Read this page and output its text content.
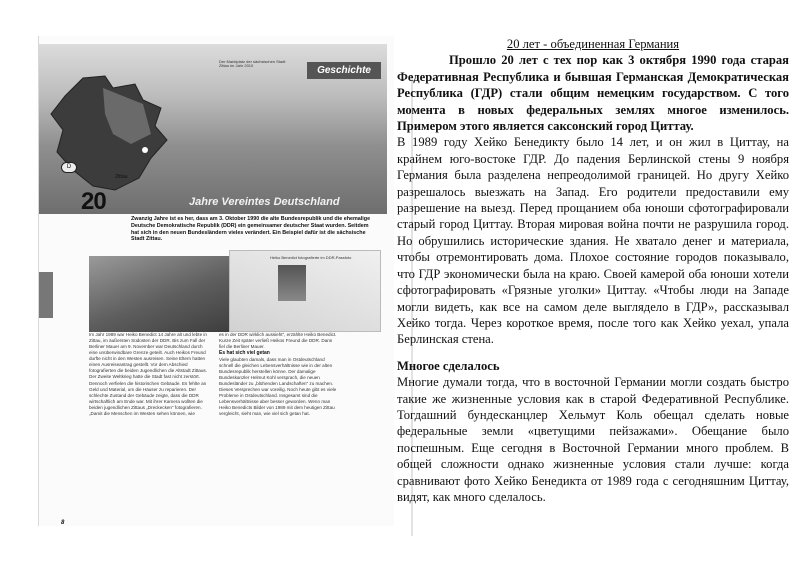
Der Marktplatz der sächsischen Stadt Zittau im Jahr 2010	Geschichte
Zittau
D
20	Jahre Vereintes Deutschland
Zwanzig Jahre ist es her, dass am 3. Oktober 1990 die alte Bundesrepublik und die ehemalige Deutsche Demokratische Republik (DDR) ein gemeinsamer deutscher Staat wurden. Seitdem hat sich in den neuen Bundesländern vieles verändert. Ein Beispiel dafür ist die sächsische Stadt Zittau.
Heiko Benedict fotografierte im DDR-Passfoto
Im Jahr 1989 war Heiko Benedict 14 Jahre alt und lebte in Zittau, im äußersten Südosten der DDR. Bis zum Fall der Berliner Mauer am 9. November war Deutschland durch eine unüberwindbare Grenze geteilt. Auch Heikos Freund durfte nicht in den Westen ausreisen. Seine Eltern hatten einen Ausreiseantrag gestellt. Vor dem Abschied fotografierten die beiden Jugendlichen die Altstadt Zittaus. Der Zweite Weltkrieg hatte die Stadt fast nicht zerstört. Dennoch verfielen die historischen Gebäude. Es fehlte an Geld und Material, um die Häuser zu reparieren. Der schlechte Zustand der Gebäude zeigte, dass die DDR wirtschaftlich am Ende war. Mit ihrer Kamera wollten die beiden jugendlichen Zittaus „Dreckecken“ fotografieren. „Damit die Menschen im Westen sehen können, wie
es in der DDR wirklich aussieht“, erzählte Heiko Benedict. Kurze Zeit später verließ Heikos Freund die DDR. Dann fiel die Berliner Mauer.
Es hat sich viel getan
Viele glaubten damals, dass man in Ostdeutschland schnell die gleichen Lebensverhältnisse wie in der alten Bundesrepublik herstellen könne. Der damalige Bundeskanzler Helmut Kohl versprach, die neuen Bundesländer zu „blühenden Landschaften“ zu machen. Dieses Versprechen war voreilig. Noch heute gibt es viele Probleme in Ostdeutschland. Insgesamt sind die Lebensverhältnisse aber besser geworden. Wenn man Heiko Benedicts Bilder von 1989 mit dem heutigen Zittau vergleicht, sieht man, wie viel sich getan hat.
8

20 лет - объединенная Германия

Прошло 20 лет с тех пор как 3 октября 1990 года старая Федеративная Республика и бывшая Германская Демократическая Республика (ГДР) стали общим немецким государством. С того момента в новых федеральных землях многое изменилось. Примером этого является саксонский город Циттау.

В 1989 году Хейко Бенедикту было 14 лет, и он жил в Циттау, на крайнем юго-востоке ГДР. До падения Берлинской стены 9 ноября Германия была разделена непреодолимой границей. Но другу Хейко разрешалось выезжать на Запад. Его родители предоставили ему разрешение на выезд. Перед прощанием оба юноши сфотографировали старый город Циттау. Вторая мировая война почти не разрушила город. Но обрушились исторические здания. Не хватало денег и материала, чтобы отремонтировать дома. Плохое состояние городов показывало, что ГДР экономически была на краю. Своей камерой оба юноши хотели сфотографировать «Грязные уголки» Циттау. «Чтобы люди на Западе могли видеть, как все на самом деле выглядело в ГДР», рассказывал Хейко тогда. Через короткое время, после того как Хейко уехал, упала Берлинская стена.

Многое сделалось

Многие думали тогда, что в восточной Германии могли создать быстро такие же жизненные условия как в старой Федеративной Республике. Тогдашний бундесканцлер Хельмут Коль обещал сделать новые федеральные земли «цветущими пейзажами». Обещание было поспешным. Еще сегодня в Восточной Германии много проблем. В общей сложности однако жизненные условия стали лучше: когда сравнивают фото Хейко Бенедикта от 1989 года с сегодняшним Циттау, видят, как много сделалось.
